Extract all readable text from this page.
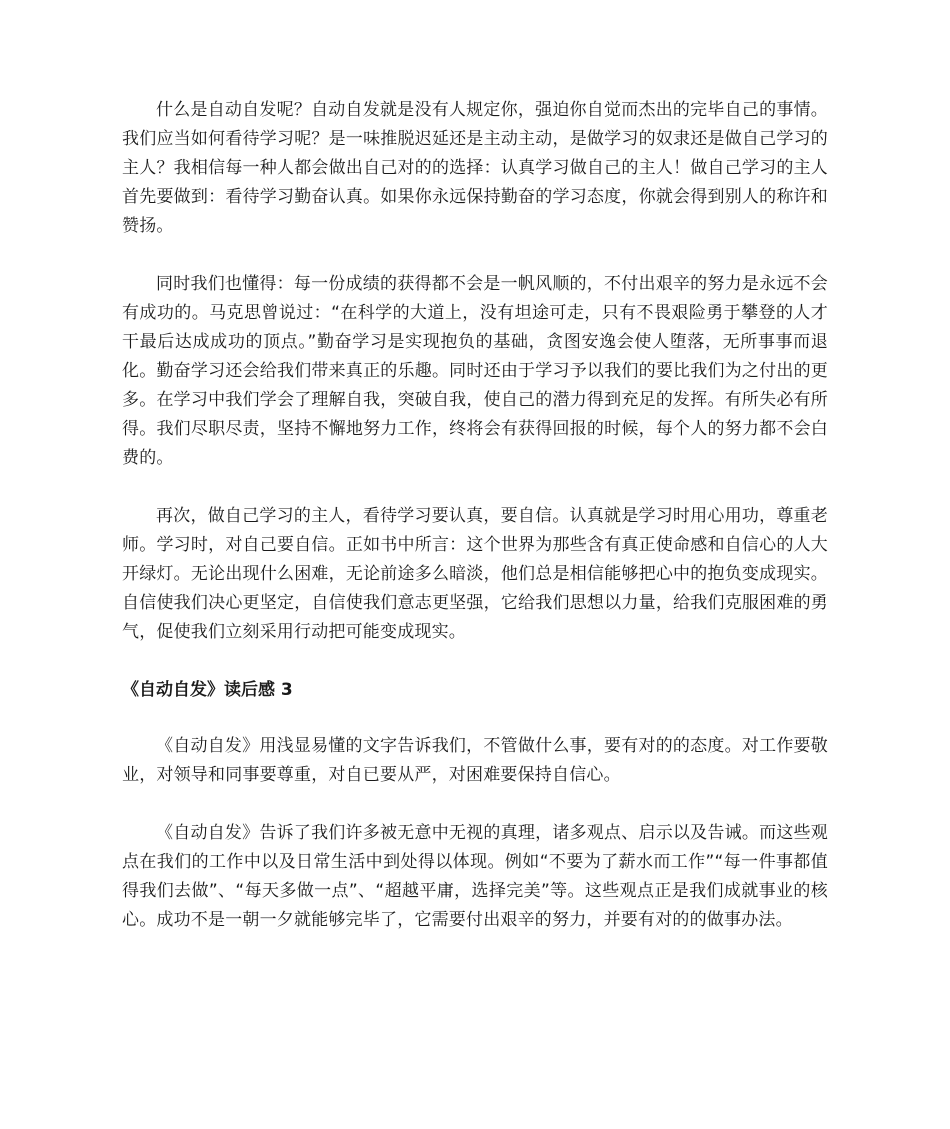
什么是自动自发呢？自动自发就是没有人规定你，强迫你自觉而杰出的完毕自己的事情。我们应当如何看待学习呢？是一味推脱迟延还是主动主动，是做学习的奴隶还是做自己学习的主人？我相信每一种人都会做出自己对的的选择：认真学习做自己的主人！做自己学习的主人首先要做到：看待学习勤奋认真。如果你永远保持勤奋的学习态度，你就会得到别人的称许和赞扬。

同时我们也懂得：每一份成绩的获得都不会是一帆风顺的，不付出艰辛的努力是永远不会有成功的。马克思曾说过：“在科学的大道上，没有坦途可走，只有不畏艰险勇于攀登的人才干最后达成成功的顶点。”勤奋学习是实现抱负的基础，贪图安逸会使人堕落，无所事事而退化。勤奋学习还会给我们带来真正的乐趣。同时还由于学习予以我们的要比我们为之付出的更多。在学习中我们学会了理解自我，突破自我，使自己的潜力得到充足的发挥。有所失必有所得。我们尽职尽责，坚持不懈地努力工作，终将会有获得回报的时候，每个人的努力都不会白费的。

再次，做自己学习的主人，看待学习要认真，要自信。认真就是学习时用心用功，尊重老师。学习时，对自己要自信。正如书中所言：这个世界为那些含有真正使命感和自信心的人大开绿灯。无论出现什么困难，无论前途多么暗淡，他们总是相信能够把心中的抱负变成现实。自信使我们决心更坚定，自信使我们意志更坚强，它给我们思想以力量，给我们克服困难的勇气，促使我们立刻采用行动把可能变成现实。

《自动自发》读后感 3

《自动自发》用浅显易懂的文字告诉我们，不管做什么事，要有对的的态度。对工作要敬业，对领导和同事要尊重，对自已要从严，对困难要保持自信心。

《自动自发》告诉了我们许多被无意中无视的真理，诸多观点、启示以及告诫。而这些观点在我们的工作中以及日常生活中到处得以体现。例如“不要为了薪水而工作”“每一件事都值得我们去做”、“每天多做一点”、“超越平庸，选择完美”等。这些观点正是我们成就事业的核心。成功不是一朝一夕就能够完毕了，它需要付出艰辛的努力，并要有对的的做事办法。
